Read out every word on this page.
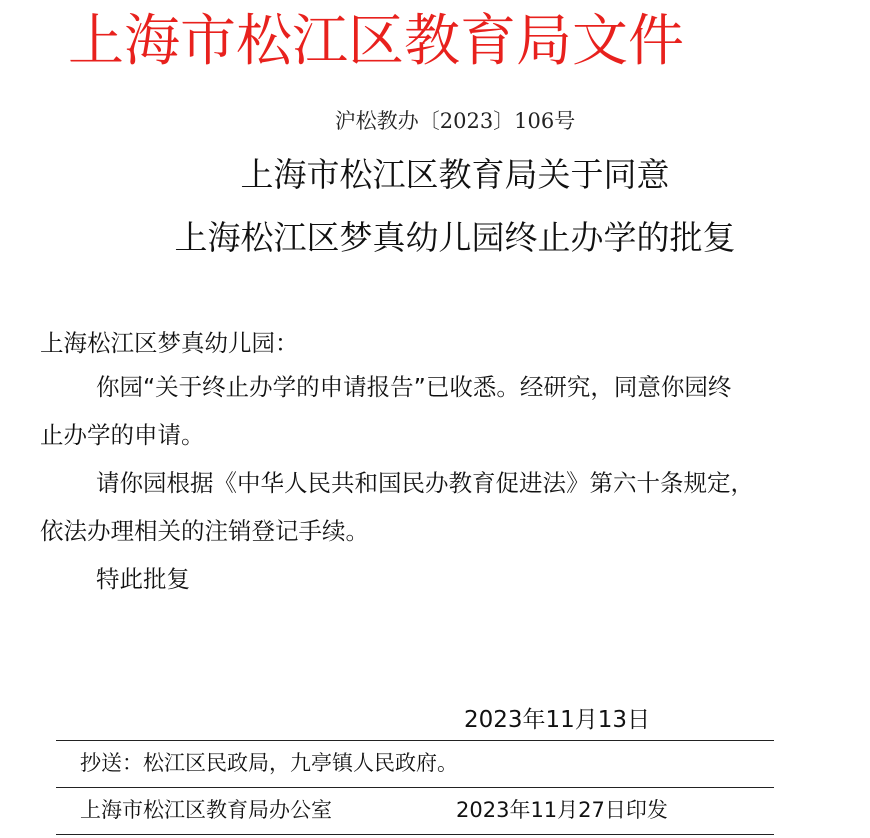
上海市松江区教育局文件
沪松教办〔2023〕106号
上海市松江区教育局关于同意
上海松江区梦真幼儿园终止办学的批复
上海松江区梦真幼儿园：
你园“关于终止办学的申请报告”已收悉。经研究，同意你园终
止办学的申请。
请你园根据《中华人民共和国民办教育促进法》第六十条规定，
依法办理相关的注销登记手续。
特此批复
2023年11月13日
抄送：松江区民政局，九亭镇人民政府。
上海市松江区教育局办公室	2023年11月27日印发
